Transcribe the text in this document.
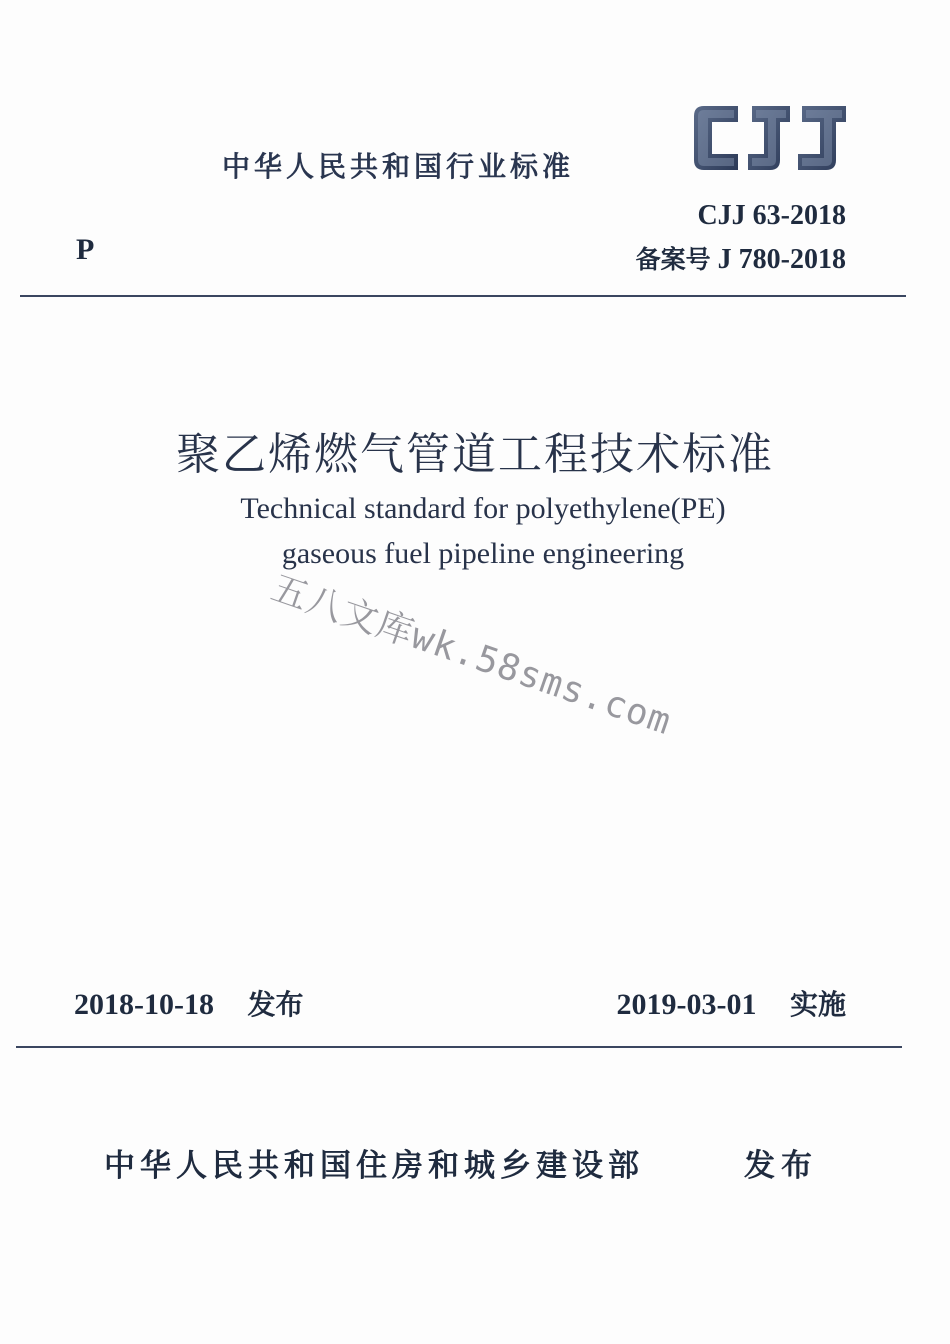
中华人民共和国行业标准
CJJ
CJJ 63-2018
P	备案号 J 780-2018
聚乙烯燃气管道工程技术标准
Technical standard for polyethylene(PE)
gaseous fuel pipeline engineering
五八文库wk.58sms.com
2018-10-18 发布	2019-03-01 实施
中华人民共和国住房和城乡建设部	发布
